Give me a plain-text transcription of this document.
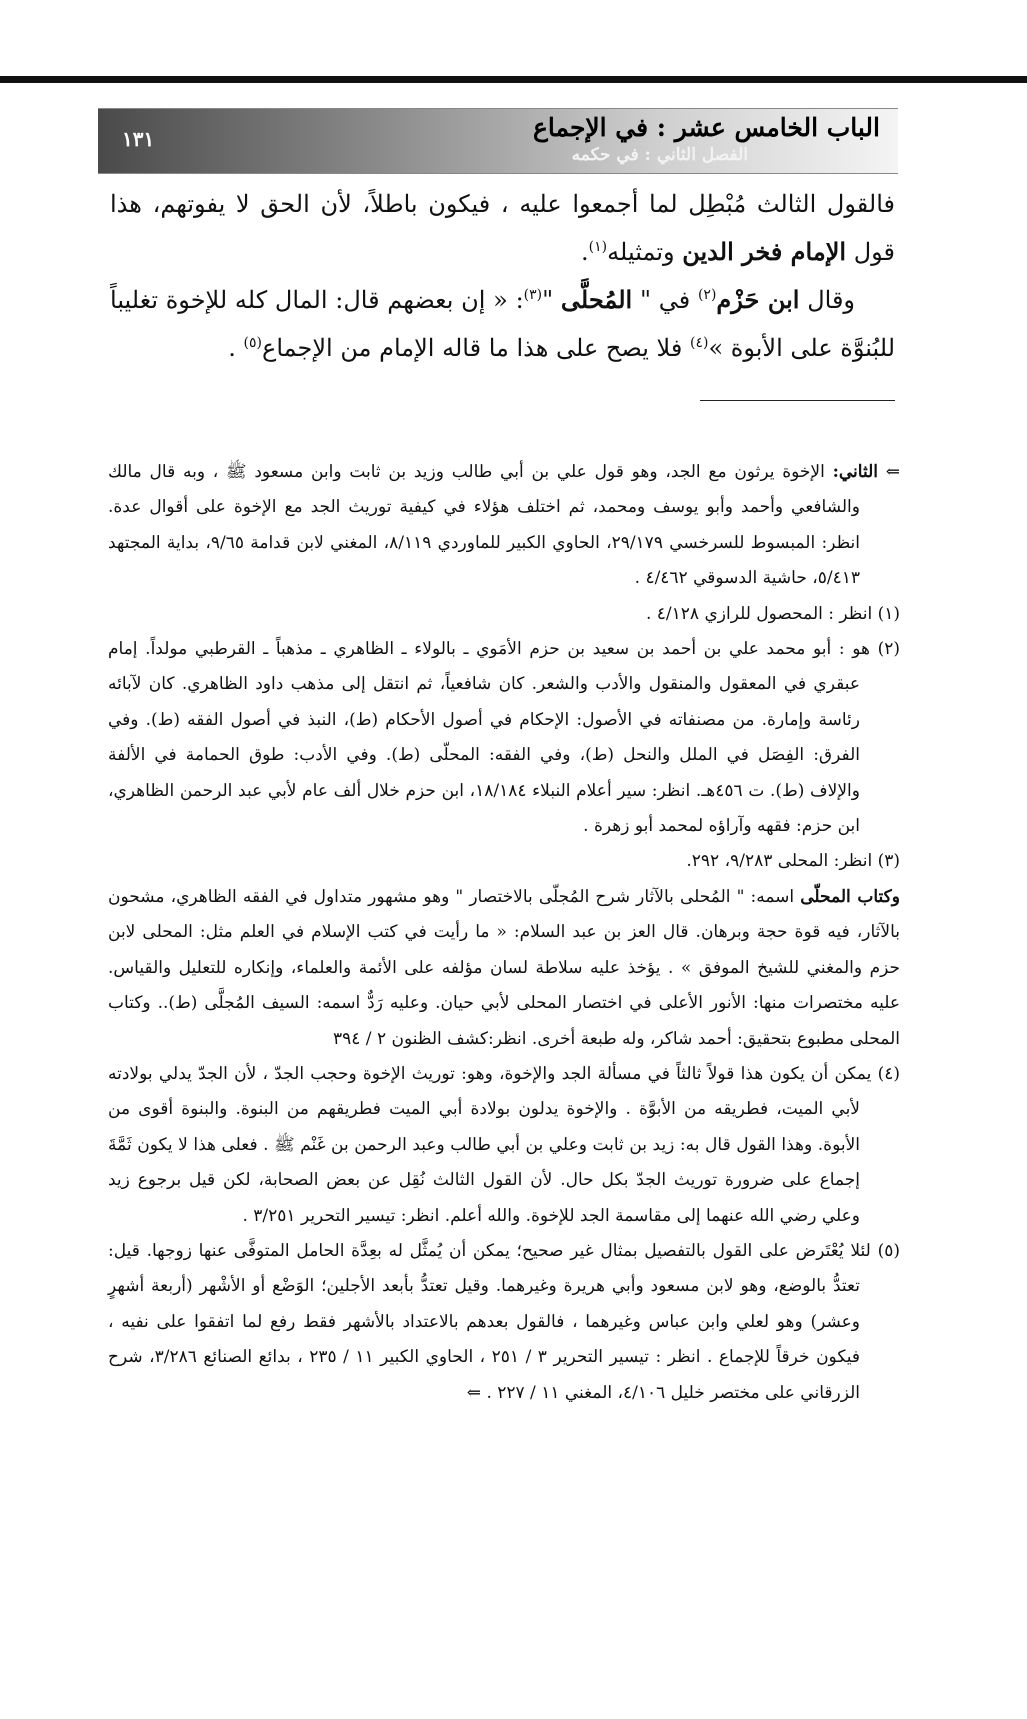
الباب الخامس عشر : في الإجماع
الفصل الثاني : في حكمه
١٣١

فالقول الثالث مُبْطِل لما أجمعوا عليه ، فيكون باطلاً، لأن الحق لا يفوتهم، هذا قول الإمام فخر الدين وتمثيله$^{(١)}$.

وقال ابن حَزْم$^{(٢)}$ في " المُحلَّى "$^{(٣)}$: « إن بعضهم قال: المال كله للإخوة تغليباً للبُنوَّة على الأبوة »$^{(٤)}$ فلا يصح على هذا ما قاله الإمام من الإجماع$^{(٥)}$ .

⇐ الثاني: الإخوة يرثون مع الجد، وهو قول علي بن أبي طالب وزيد بن ثابت وابن مسعود ﷺ ، وبه قال مالك والشافعي وأحمد وأبو يوسف ومحمد، ثم اختلف هؤلاء في كيفية توريث الجد مع الإخوة على أقوال عدة. انظر: المبسوط للسرخسي ٢٩/١٧٩، الحاوي الكبير للماوردي ٨/١١٩، المغني لابن قدامة ٩/٦٥، بداية المجتهد ٥/٤١٣، حاشية الدسوقي ٤/٤٦٢ .

(١) انظر : المحصول للرازي ٤/١٢٨ .

(٢) هو : أبو محمد علي بن أحمد بن سعيد بن حزم الأمَوي ـ بالولاء ـ الظاهري ـ مذهباً ـ القرطبي مولداً. إمام عبقري في المعقول والمنقول والأدب والشعر. كان شافعياً، ثم انتقل إلى مذهب داود الظاهري. كان لآبائه رئاسة وإمارة. من مصنفاته في الأصول: الإحكام في أصول الأحكام (ط)، النبذ في أصول الفقه (ط). وفي الفرق: الفِصَل في الملل والنحل (ط)، وفي الفقه: المحلّى (ط). وفي الأدب: طوق الحمامة في الألفة والإلاف (ط). ت ٤٥٦هـ. انظر: سير أعلام النبلاء ١٨/١٨٤، ابن حزم خلال ألف عام لأبي عبد الرحمن الظاهري، ابن حزم: فقهه وآراؤه لمحمد أبو زهرة .

(٣) انظر: المحلى ٩/٢٨٣، ٢٩٢.

وكتاب المحلّى اسمه: " المُحلى بالآثار شرح المُجلّى بالاختصار " وهو مشهور متداول في الفقه الظاهري، مشحون بالآثار، فيه قوة حجة وبرهان. قال العز بن عبد السلام: « ما رأيت في كتب الإسلام في العلم مثل: المحلى لابن حزم والمغني للشيخ الموفق » . يؤخذ عليه سلاطة لسان مؤلفه على الأئمة والعلماء، وإنكاره للتعليل والقياس. عليه مختصرات منها: الأنور الأعلى في اختصار المحلى لأبي حيان. وعليه رَدٌّ اسمه: السيف المُجلَّى (ط).. وكتاب المحلى مطبوع بتحقيق: أحمد شاكر، وله طبعة أخرى. انظر:كشف الظنون ٢ / ٣٩٤

(٤) يمكن أن يكون هذا قولاً ثالثاً في مسألة الجد والإخوة، وهو: توريث الإخوة وحجب الجدّ ، لأن الجدّ يدلي بولادته لأبي الميت، فطريقه من الأبوَّة . والإخوة يدلون بولادة أبي الميت فطريقهم من البنوة. والبنوة أقوى من الأبوة. وهذا القول قال به: زيد بن ثابت وعلي بن أبي طالب وعبد الرحمن بن غَنْم ﷺ . فعلى هذا لا يكون ثَمَّةَ إجماع على ضرورة توريث الجدّ بكل حال. لأن القول الثالث نُقِل عن بعض الصحابة، لكن قيل برجوع زيد وعلي رضي الله عنهما إلى مقاسمة الجد للإخوة. والله أعلم. انظر: تيسير التحرير ٣/٢٥١ .

(٥) لئلا يُعْتَرض على القول بالتفصيل بمثال غير صحيح؛ يمكن أن يُمثَّل له بعِدَّة الحامل المتوفَّى عنها زوجها. قيل: تعتدُّ بالوضع، وهو لابن مسعود وأبي هريرة وغيرهما. وقيل تعتدُّ بأبعد الأجلين؛ الوَضْع أو الأشْهر (أربعة أشهرٍ وعشر) وهو لعلي وابن عباس وغيرهما ، فالقول بعدهم بالاعتداد بالأشهر فقط رفع لما اتفقوا على نفيه ، فيكون خرقاً للإجماع . انظر : تيسير التحرير ٣ / ٢٥١ ، الحاوي الكبير ١١ / ٢٣٥ ، بدائع الصنائع ٣/٢٨٦، شرح الزرقاني على مختصر خليل ٤/١٠٦، المغني ١١ / ٢٢٧ . ⇐
